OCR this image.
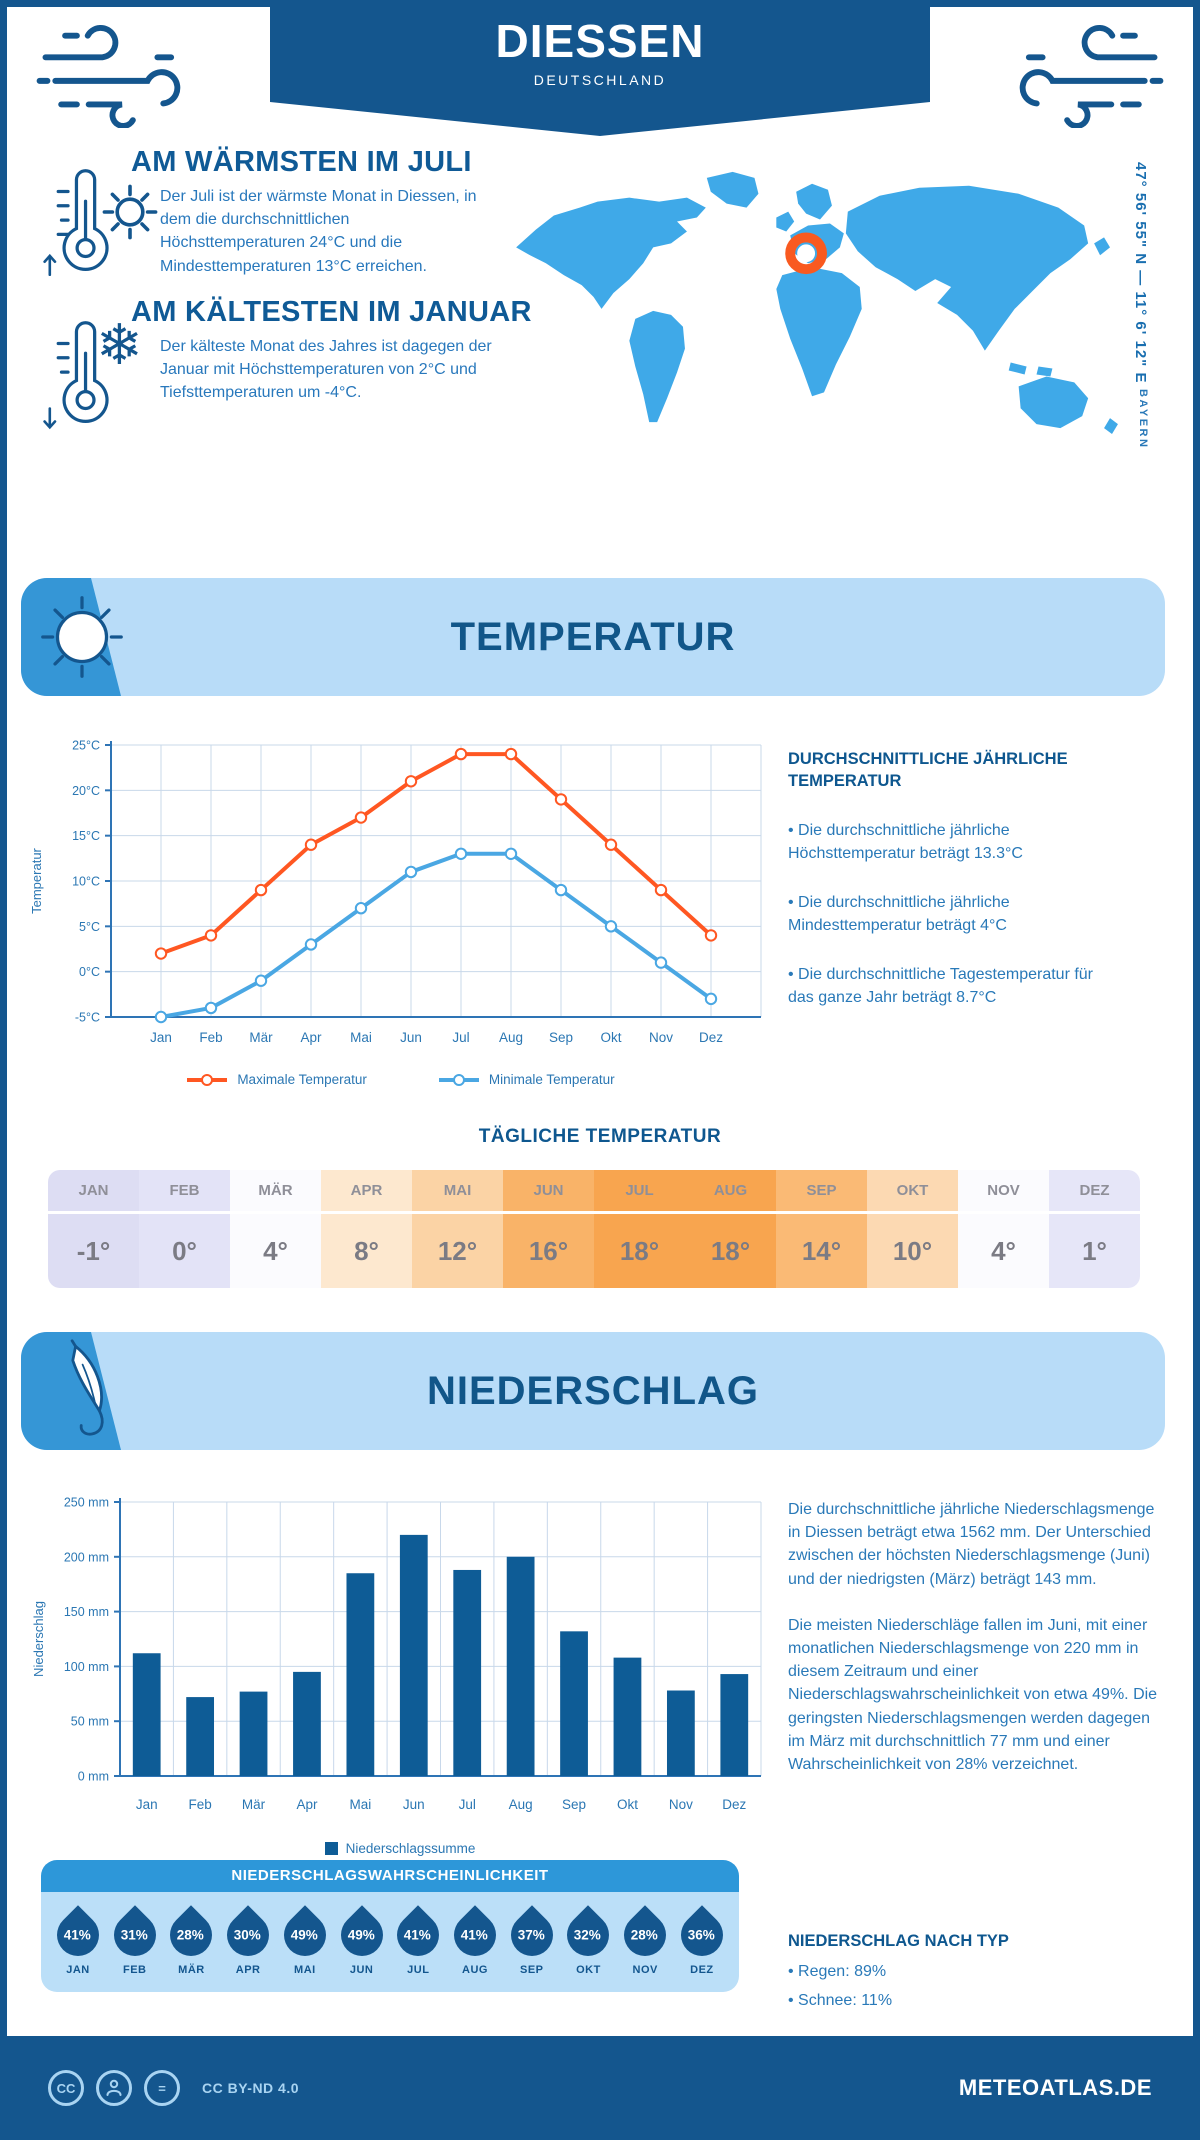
DIESSEN
DEUTSCHLAND
AM WÄRMSTEN IM JULI

Der Juli ist der wärmste Monat in Diessen, in dem die durchschnittlichen Höchsttemperaturen 24°C und die Mindesttemperaturen 13°C erreichen.

❄
AM KÄLTESTEN IM JANUAR

Der kälteste Monat des Jahres ist dagegen der Januar mit Höchsttemperaturen von 2°C und Tiefsttemperaturen um -4°C.

47° 56' 55" N — 11° 6' 12" E
BAYERN
TEMPERATUR
25°C
20°C
15°C
10°C
5°C
0°C
-5°C
Jan Feb Mär Apr Mai Jun Jul Aug Sep Okt Nov Dez
Temperatur
Maximale Temperatur	Minimale Temperatur
DURCHSCHNITTLICHE JÄHRLICHE TEMPERATUR
• Die durchschnittliche jährliche Höchsttemperatur beträgt 13.3°C
• Die durchschnittliche jährliche Mindesttemperatur beträgt 4°C
• Die durchschnittliche Tagestemperatur für das ganze Jahr beträgt 8.7°C
TÄGLICHE TEMPERATUR
JAN	FEB	MÄR	APR	MAI	JUN	JUL	AUG	SEP	OKT	NOV	DEZ
-1°	0°	4°	8°	12°	16°	18°	18°	14°	10°	4°	1°
NIEDERSCHLAG
250 mm
200 mm
150 mm
100 mm
50 mm
0 mm
Jan Feb Mär Apr Mai Jun	Jul Aug Sep Okt Nov Dez
Niederschlag
Niederschlagssumme

Die durchschnittliche jährliche Niederschlagsmenge in Diessen beträgt etwa 1562 mm. Der Unterschied zwischen der höchsten Niederschlagsmenge (Juni) und der niedrigsten (März) beträgt 143 mm.

Die meisten Niederschläge fallen im Juni, mit einer monatlichen Niederschlagsmenge von 220 mm in diesem Zeitraum und einer Niederschlagswahrscheinlichkeit von etwa 49%. Die geringsten Niederschlagsmengen werden dagegen im März mit durchschnittlich 77 mm und einer Wahrscheinlichkeit von 28% verzeichnet.

NIEDERSCHLAGSWAHRSCHEINLICHKEIT
41%
JAN
31%
FEB
28%
MÄR
30%
APR
49%
MAI
49%
JUN
41%
JUL
41%
AUG
37%
SEP
32%
OKT
28%
NOV
36%
DEZ
NIEDERSCHLAG NACH TYP
• Regen: 89%
• Schnee: 11%
CC	=	CC BY-ND 4.0	METEOATLAS.DE
